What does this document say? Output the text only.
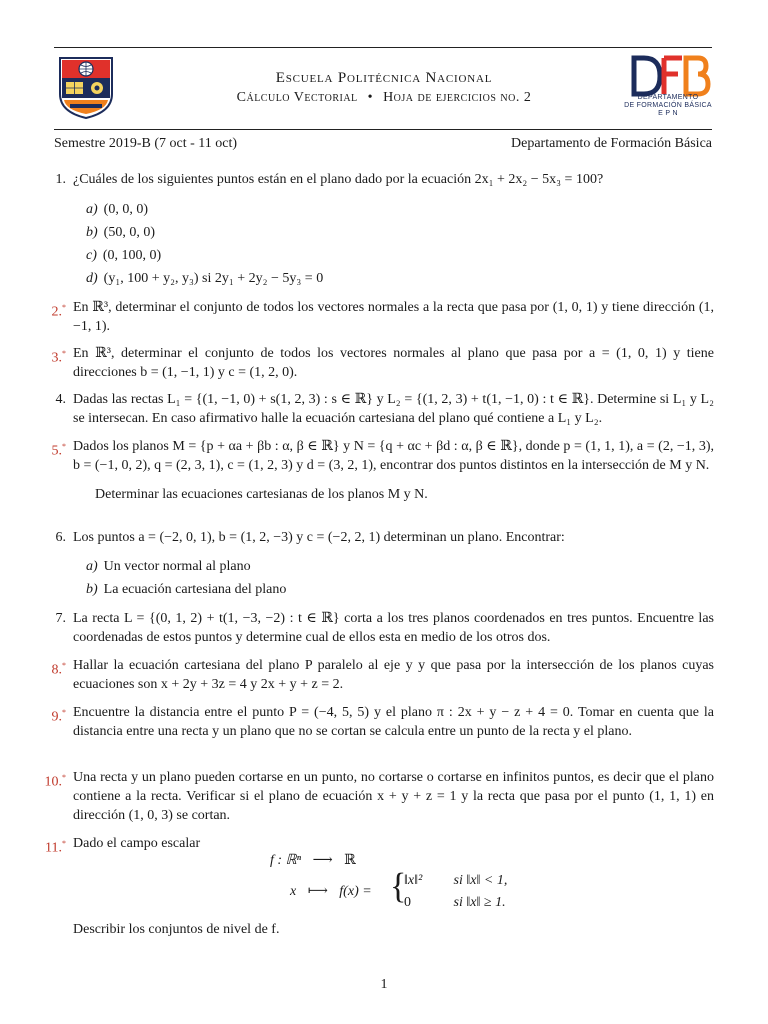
DEPARTAMENTO
DE FORMACIÓN BÁSICA
E P N
Escuela Politécnica Nacional
Cálculo Vectorial • Hoja de ejercicios no. 2
Semestre 2019-B (7 oct - 11 oct)	Departamento de Formación Básica
1. ¿Cuáles de los siguientes puntos están en el plano dado por la ecuación 2x₁ + 2x₂ − 5x₃ = 100?
a) (0, 0, 0)
b) (50, 0, 0)
c) (0, 100, 0)
d) (y₁, 100 + y₂, y₃) si 2y₁ + 2y₂ − 5y₃ = 0
2.* En ℝ³, determinar el conjunto de todos los vectores normales a la recta que pasa por (1, 0, 1) y tiene dirección (1, −1, 1).
3.* En ℝ³, determinar el conjunto de todos los vectores normales al plano que pasa por a = (1, 0, 1) y tiene direcciones b = (1, −1, 1) y c = (1, 2, 0).
4. Dadas las rectas L₁ = {(1, −1, 0) + s(1, 2, 3) : s ∈ ℝ} y L₂ = {(1, 2, 3) + t(1, −1, 0) : t ∈ ℝ}. Determine si L₁ y L₂ se intersecan. En caso afirmativo halle la ecuación cartesiana del plano qué contiene a L₁ y L₂.
5.* Dados los planos M = {p + αa + βb : α, β ∈ ℝ} y N = {q + αc + βd : α, β ∈ ℝ}, donde p = (1, 1, 1), a = (2, −1, 3), b = (−1, 0, 2), q = (2, 3, 1), c = (1, 2, 3) y d = (3, 2, 1), encontrar dos puntos distintos en la intersección de M y N.
Determinar las ecuaciones cartesianas de los planos M y N.
6. Los puntos a = (−2, 0, 1), b = (1, 2, −3) y c = (−2, 2, 1) determinan un plano. Encontrar:
a) Un vector normal al plano
b) La ecuación cartesiana del plano
7. La recta L = {(0, 1, 2) + t(1, −3, −2) : t ∈ ℝ} corta a los tres planos coordenados en tres puntos. Encuentre las coordenadas de estos puntos y determine cual de ellos esta en medio de los otros dos.
8.* Hallar la ecuación cartesiana del plano P paralelo al eje y y que pasa por la intersección de los planos cuyas ecuaciones son x + 2y + 3z = 4 y 2x + y + z = 2.
9.* Encuentre la distancia entre el punto P = (−4, 5, 5) y el plano π : 2x + y − z + 4 = 0. Tomar en cuenta que la distancia entre una recta y un plano que no se cortan se calcula entre un punto de la recta y el plano.
10.* Una recta y un plano pueden cortarse en un punto, no cortarse o cortarse en infinitos puntos, es decir que el plano contiene a la recta. Verificar si el plano de ecuación x + y + z = 1 y la recta que pasa por el punto (1, 1, 1) en dirección (1, 0, 3) se cortan.
11.* Dado el campo escalar
f : ℝⁿ ⟶ ℝ
x ⟼ f(x) = {
‖x‖² si ‖x‖ < 1,
0	si ‖x‖ ≥ 1.
Describir los conjuntos de nivel de f.
1
